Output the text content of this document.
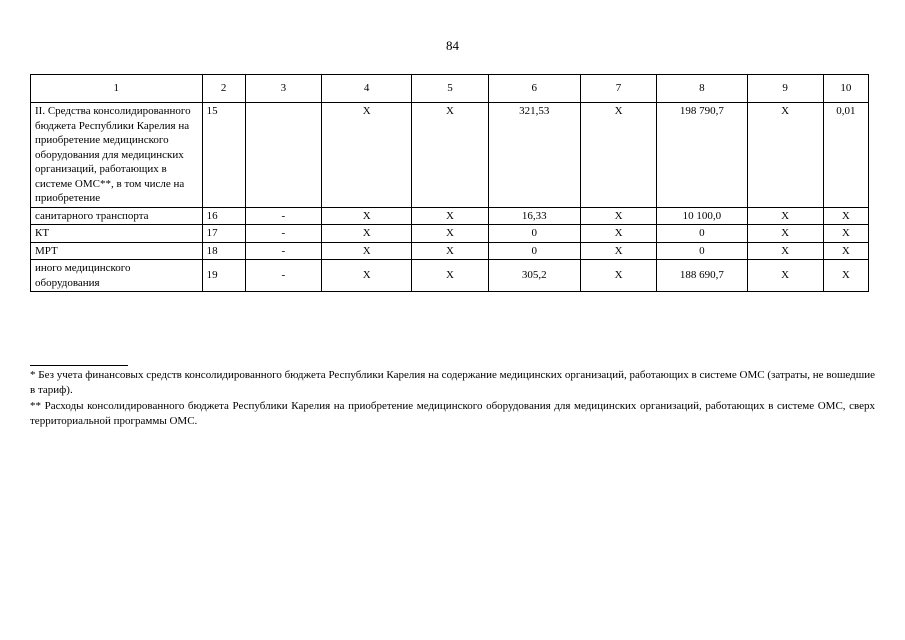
84
1	2	3	4	5	6	7	8	9	10
II. Средства консолидированного бюджета Республики Карелия на приобретение медицинского оборудования для медицинских организаций, работающих в системе ОМС**, в том числе на приобретение	15		X	X	321,53	X	198 790,7	X	0,01
санитарного транспорта	16	-	X	X	16,33	X	10 100,0	X	X
КТ	17	-	X	X	0	X	0	X	X
МРТ	18	-	X	X	0	X	0	X	X
иного медицинского оборудования	19	-	X	X	305,2	X	188 690,7	X	X

* Без учета финансовых средств консолидированного бюджета Республики Карелия на содержание медицинских организаций, работающих в системе ОМС (затраты, не вошедшие в тариф).

** Расходы консолидированного бюджета Республики Карелия на приобретение медицинского оборудования для медицинских организаций, работающих в системе ОМС, сверх территориальной программы ОМС.
